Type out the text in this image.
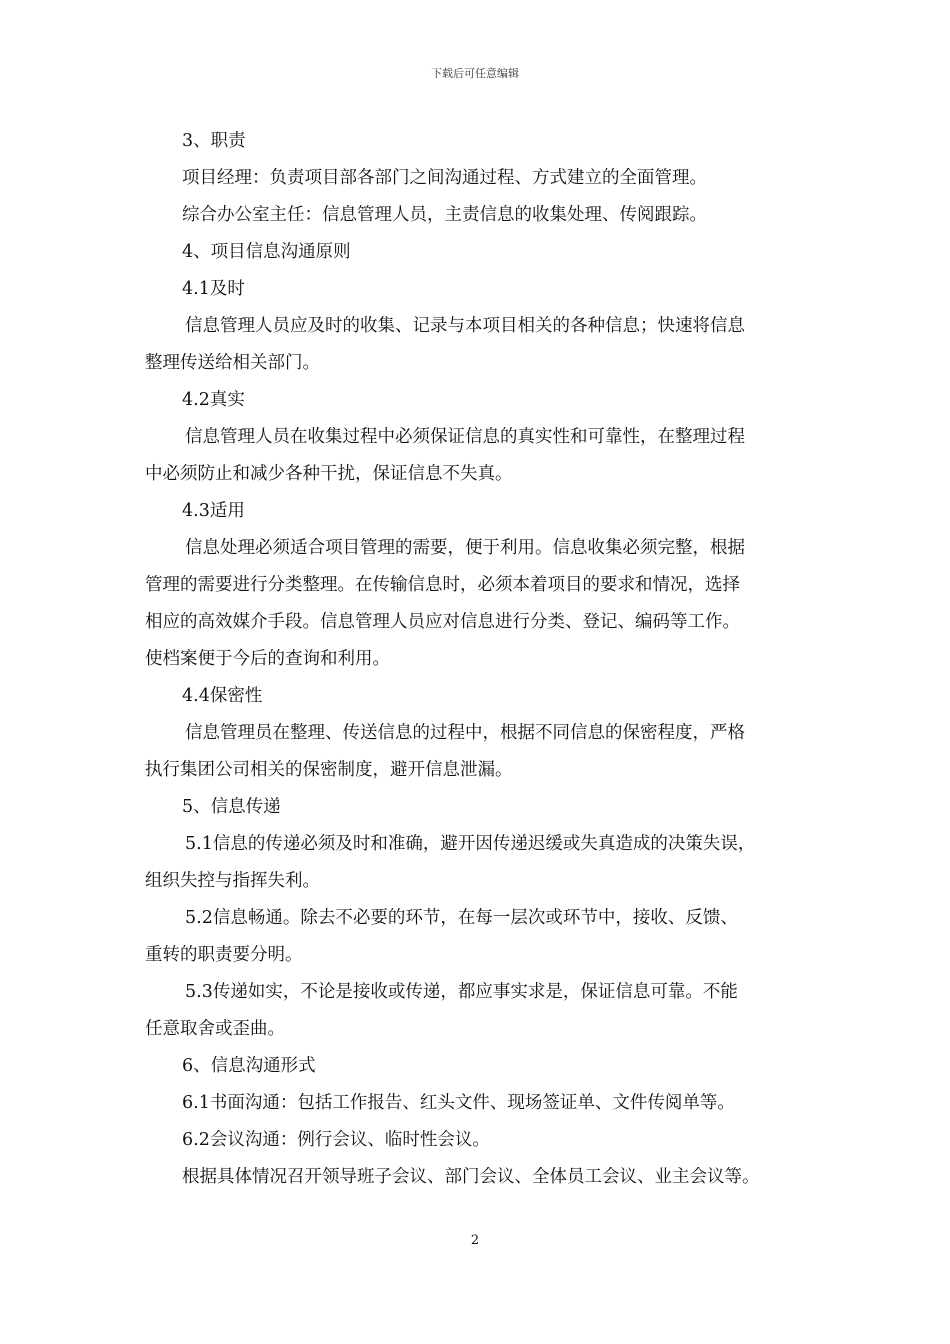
下载后可任意编辑
3、职责
项目经理：负责项目部各部门之间沟通过程、方式建立的全面管理。
综合办公室主任：信息管理人员，主责信息的收集处理、传阅跟踪。
4、项目信息沟通原则
4.1及时
信息管理人员应及时的收集、记录与本项目相关的各种信息；快速将信息
整理传送给相关部门。
4.2真实
信息管理人员在收集过程中必须保证信息的真实性和可靠性，在整理过程
中必须防止和减少各种干扰，保证信息不失真。
4.3适用
信息处理必须适合项目管理的需要，便于利用。信息收集必须完整，根据
管理的需要进行分类整理。在传输信息时，必须本着项目的要求和情况，选择
相应的高效媒介手段。信息管理人员应对信息进行分类、登记、编码等工作。
使档案便于今后的查询和利用。
4.4保密性
信息管理员在整理、传送信息的过程中，根据不同信息的保密程度，严格
执行集团公司相关的保密制度，避开信息泄漏。
5、信息传递
5.1信息的传递必须及时和准确，避开因传递迟缓或失真造成的决策失误，
组织失控与指挥失利。
5.2信息畅通。除去不必要的环节，在每一层次或环节中，接收、反馈、
重转的职责要分明。
5.3传递如实，不论是接收或传递，都应事实求是，保证信息可靠。不能
任意取舍或歪曲。
6、信息沟通形式
6.1书面沟通：包括工作报告、红头文件、现场签证单、文件传阅单等。
6.2会议沟通：例行会议、临时性会议。
根据具体情况召开领导班子会议、部门会议、全体员工会议、业主会议等。
2
